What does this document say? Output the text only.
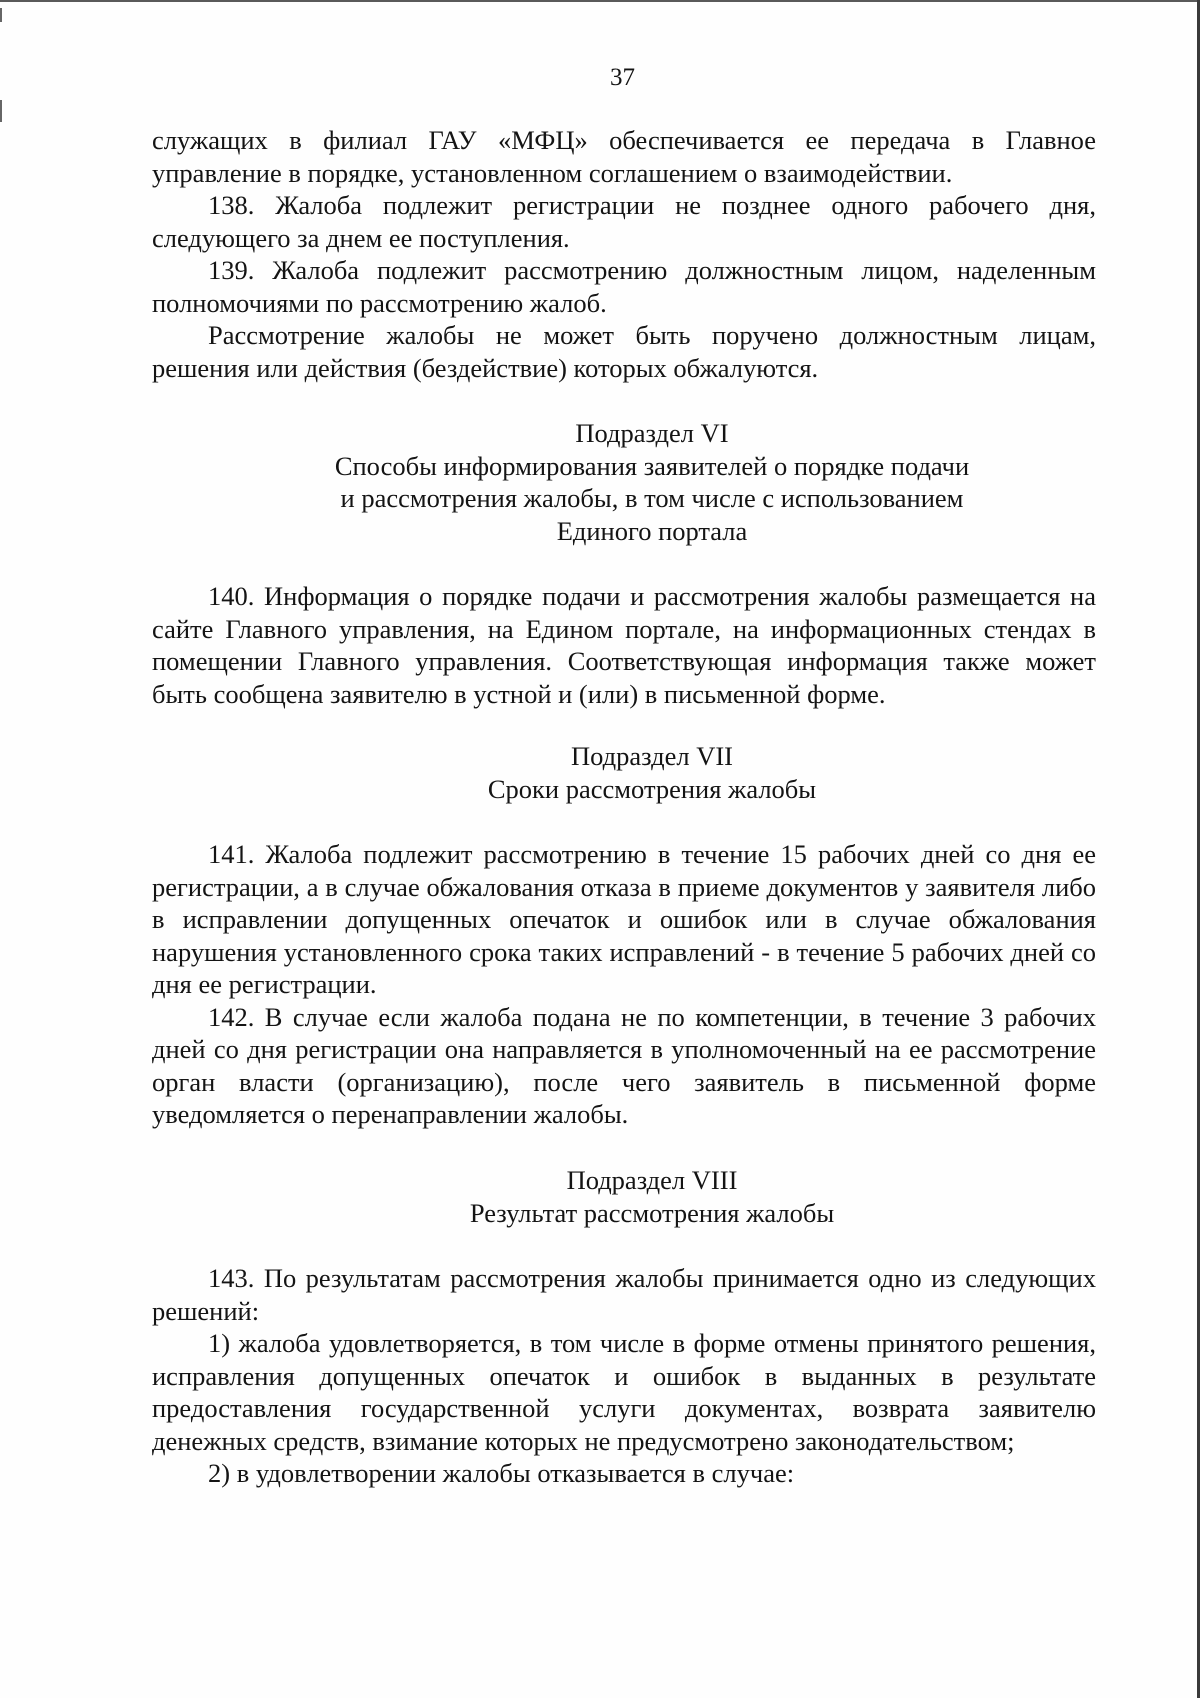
37

служащих в филиал ГАУ «МФЦ» обеспечивается ее передача в Главное управление в порядке, установленном соглашением о взаимодействии.

138. Жалоба подлежит регистрации не позднее одного рабочего дня, следующего за днем ее поступления.

139. Жалоба подлежит рассмотрению должностным лицом, наделенным полномочиями по рассмотрению жалоб.

Рассмотрение жалобы не может быть поручено должностным лицам, решения или действия (бездействие) которых обжалуются.

Подраздел VI
Способы информирования заявителей о порядке подачи
и рассмотрения жалобы, в том числе с использованием
Единого портала

140. Информация о порядке подачи и рассмотрения жалобы размещается на сайте Главного управления, на Едином портале, на информационных стендах в помещении Главного управления. Соответствующая информация также может быть сообщена заявителю в устной и (или) в письменной форме.

Подраздел VII
Сроки рассмотрения жалобы

141. Жалоба подлежит рассмотрению в течение 15 рабочих дней со дня ее регистрации, а в случае обжалования отказа в приеме документов у заявителя либо в исправлении допущенных опечаток и ошибок или в случае обжалования нарушения установленного срока таких исправлений - в течение 5 рабочих дней со дня ее регистрации.

142. В случае если жалоба подана не по компетенции, в течение 3 рабочих дней со дня регистрации она направляется в уполномоченный на ее рассмотрение орган власти (организацию), после чего заявитель в письменной форме уведомляется о перенаправлении жалобы.

Подраздел VIII
Результат рассмотрения жалобы

143. По результатам рассмотрения жалобы принимается одно из следующих решений:

1) жалоба удовлетворяется, в том числе в форме отмены принятого решения, исправления допущенных опечаток и ошибок в выданных в результате предоставления государственной услуги документах, возврата заявителю денежных средств, взимание которых не предусмотрено законодательством;

2) в удовлетворении жалобы отказывается в случае:
